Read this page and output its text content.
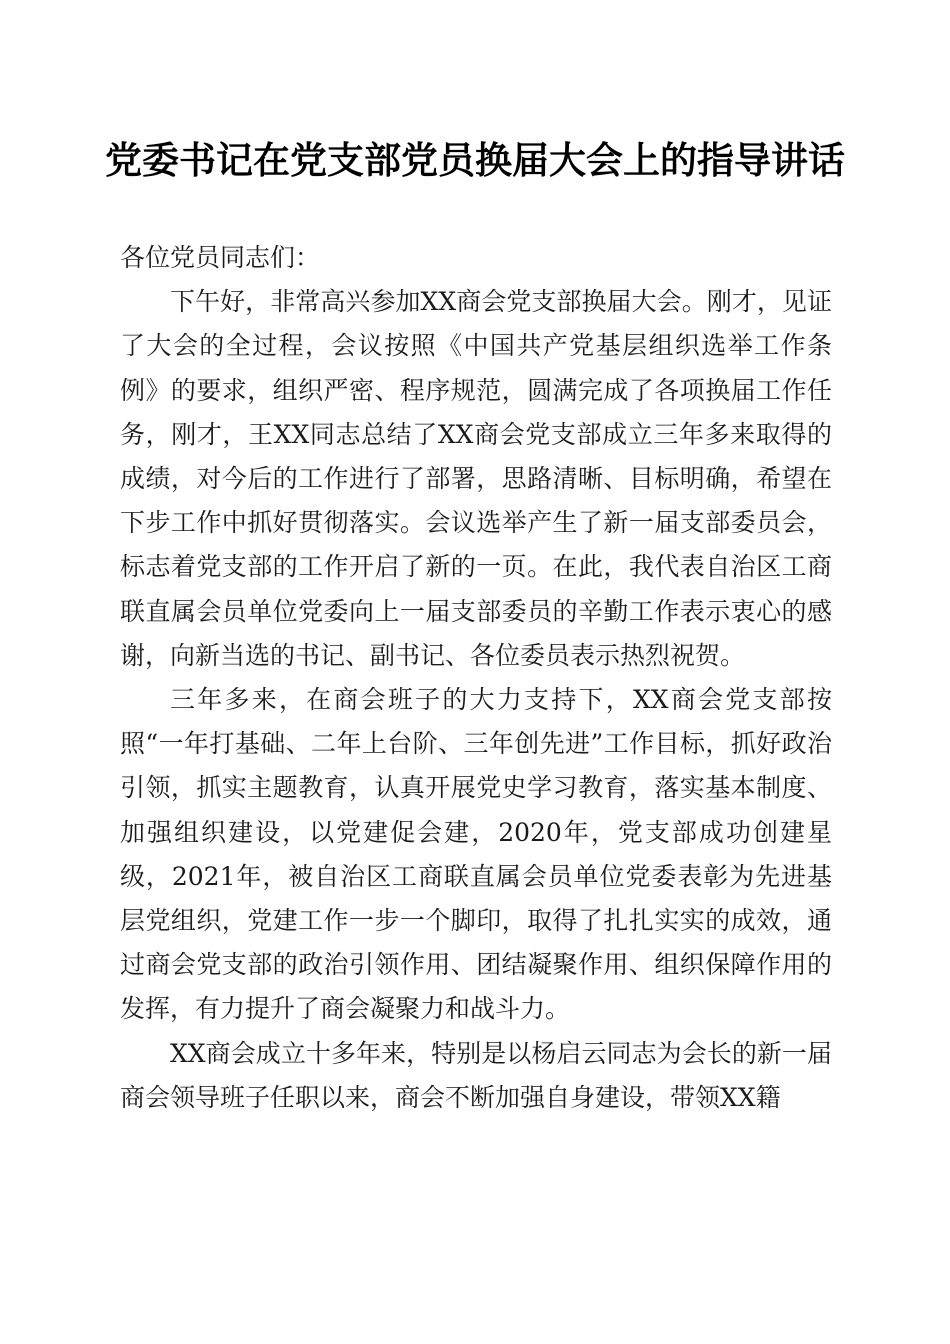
党委书记在党支部党员换届大会上的指导讲话

各位党员同志们：

下午好，非常高兴参加XX商会党支部换届大会。刚才，见证了大会的全过程，会议按照《中国共产党基层组织选举工作条例》的要求，组织严密、程序规范，圆满完成了各项换届工作任务，刚才，王XX同志总结了XX商会党支部成立三年多来取得的成绩，对今后的工作进行了部署，思路清晰、目标明确，希望在下步工作中抓好贯彻落实。会议选举产生了新一届支部委员会，标志着党支部的工作开启了新的一页。在此，我代表自治区工商联直属会员单位党委向上一届支部委员的辛勤工作表示衷心的感谢，向新当选的书记、副书记、各位委员表示热烈祝贺。

三年多来，在商会班子的大力支持下，XX商会党支部按照“一年打基础、二年上台阶、三年创先进”工作目标，抓好政治引领，抓实主题教育，认真开展党史学习教育，落实基本制度、加强组织建设，以党建促会建，2020年，党支部成功创建星级，2021年，被自治区工商联直属会员单位党委表彰为先进基层党组织，党建工作一步一个脚印，取得了扎扎实实的成效，通过商会党支部的政治引领作用、团结凝聚作用、组织保障作用的发挥，有力提升了商会凝聚力和战斗力。

XX商会成立十多年来，特别是以杨启云同志为会长的新一届商会领导班子任职以来，商会不断加强自身建设，带领XX籍
